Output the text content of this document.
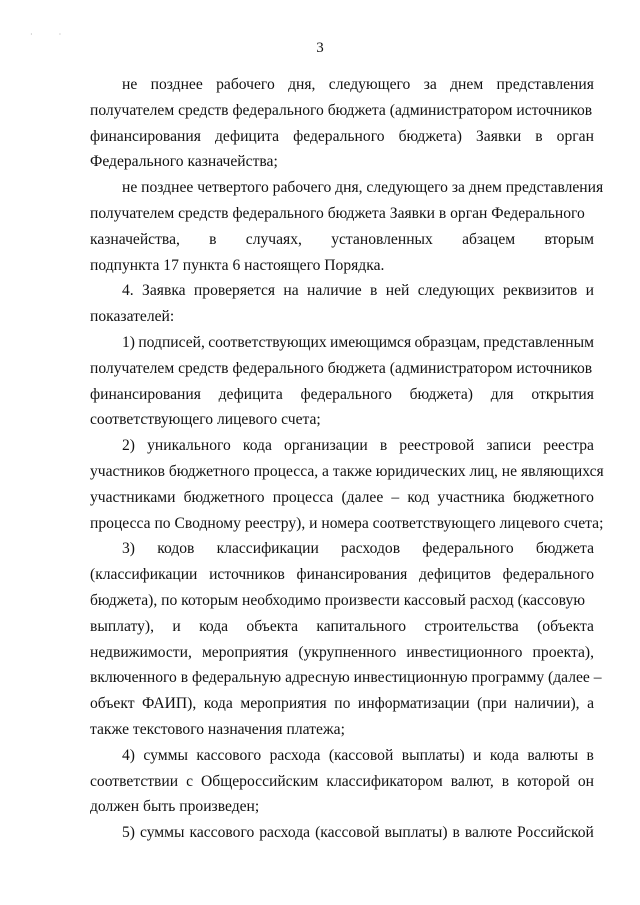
· ·
3
не позднее рабочего дня, следующего за днем представления
получателем средств федерального бюджета (администратором источников
финансирования дефицита федерального бюджета) Заявки в орган
Федерального казначейства;
не позднее четвертого рабочего дня, следующего за днем представления
получателем средств федерального бюджета Заявки в орган Федерального
казначейства, в случаях, установленных абзацем вторым
подпункта 17 пункта 6 настоящего Порядка.
4. Заявка проверяется на наличие в ней следующих реквизитов и
показателей:
1) подписей, соответствующих имеющимся образцам, представленным
получателем средств федерального бюджета (администратором источников
финансирования дефицита федерального бюджета) для открытия
соответствующего лицевого счета;
2) уникального кода организации в реестровой записи реестра
участников бюджетного процесса, а также юридических лиц, не являющихся
участниками бюджетного процесса (далее – код участника бюджетного
процесса по Сводному реестру), и номера соответствующего лицевого счета;
3) кодов классификации расходов федерального бюджета
(классификации источников финансирования дефицитов федерального
бюджета), по которым необходимо произвести кассовый расход (кассовую
выплату), и кода объекта капитального строительства (объекта
недвижимости, мероприятия (укрупненного инвестиционного проекта),
включенного в федеральную адресную инвестиционную программу (далее –
объект ФАИП), кода мероприятия по информатизации (при наличии), а
также текстового назначения платежа;
4) суммы кассового расхода (кассовой выплаты) и кода валюты в
соответствии с Общероссийским классификатором валют, в которой он
должен быть произведен;
5) суммы кассового расхода (кассовой выплаты) в валюте Российской
